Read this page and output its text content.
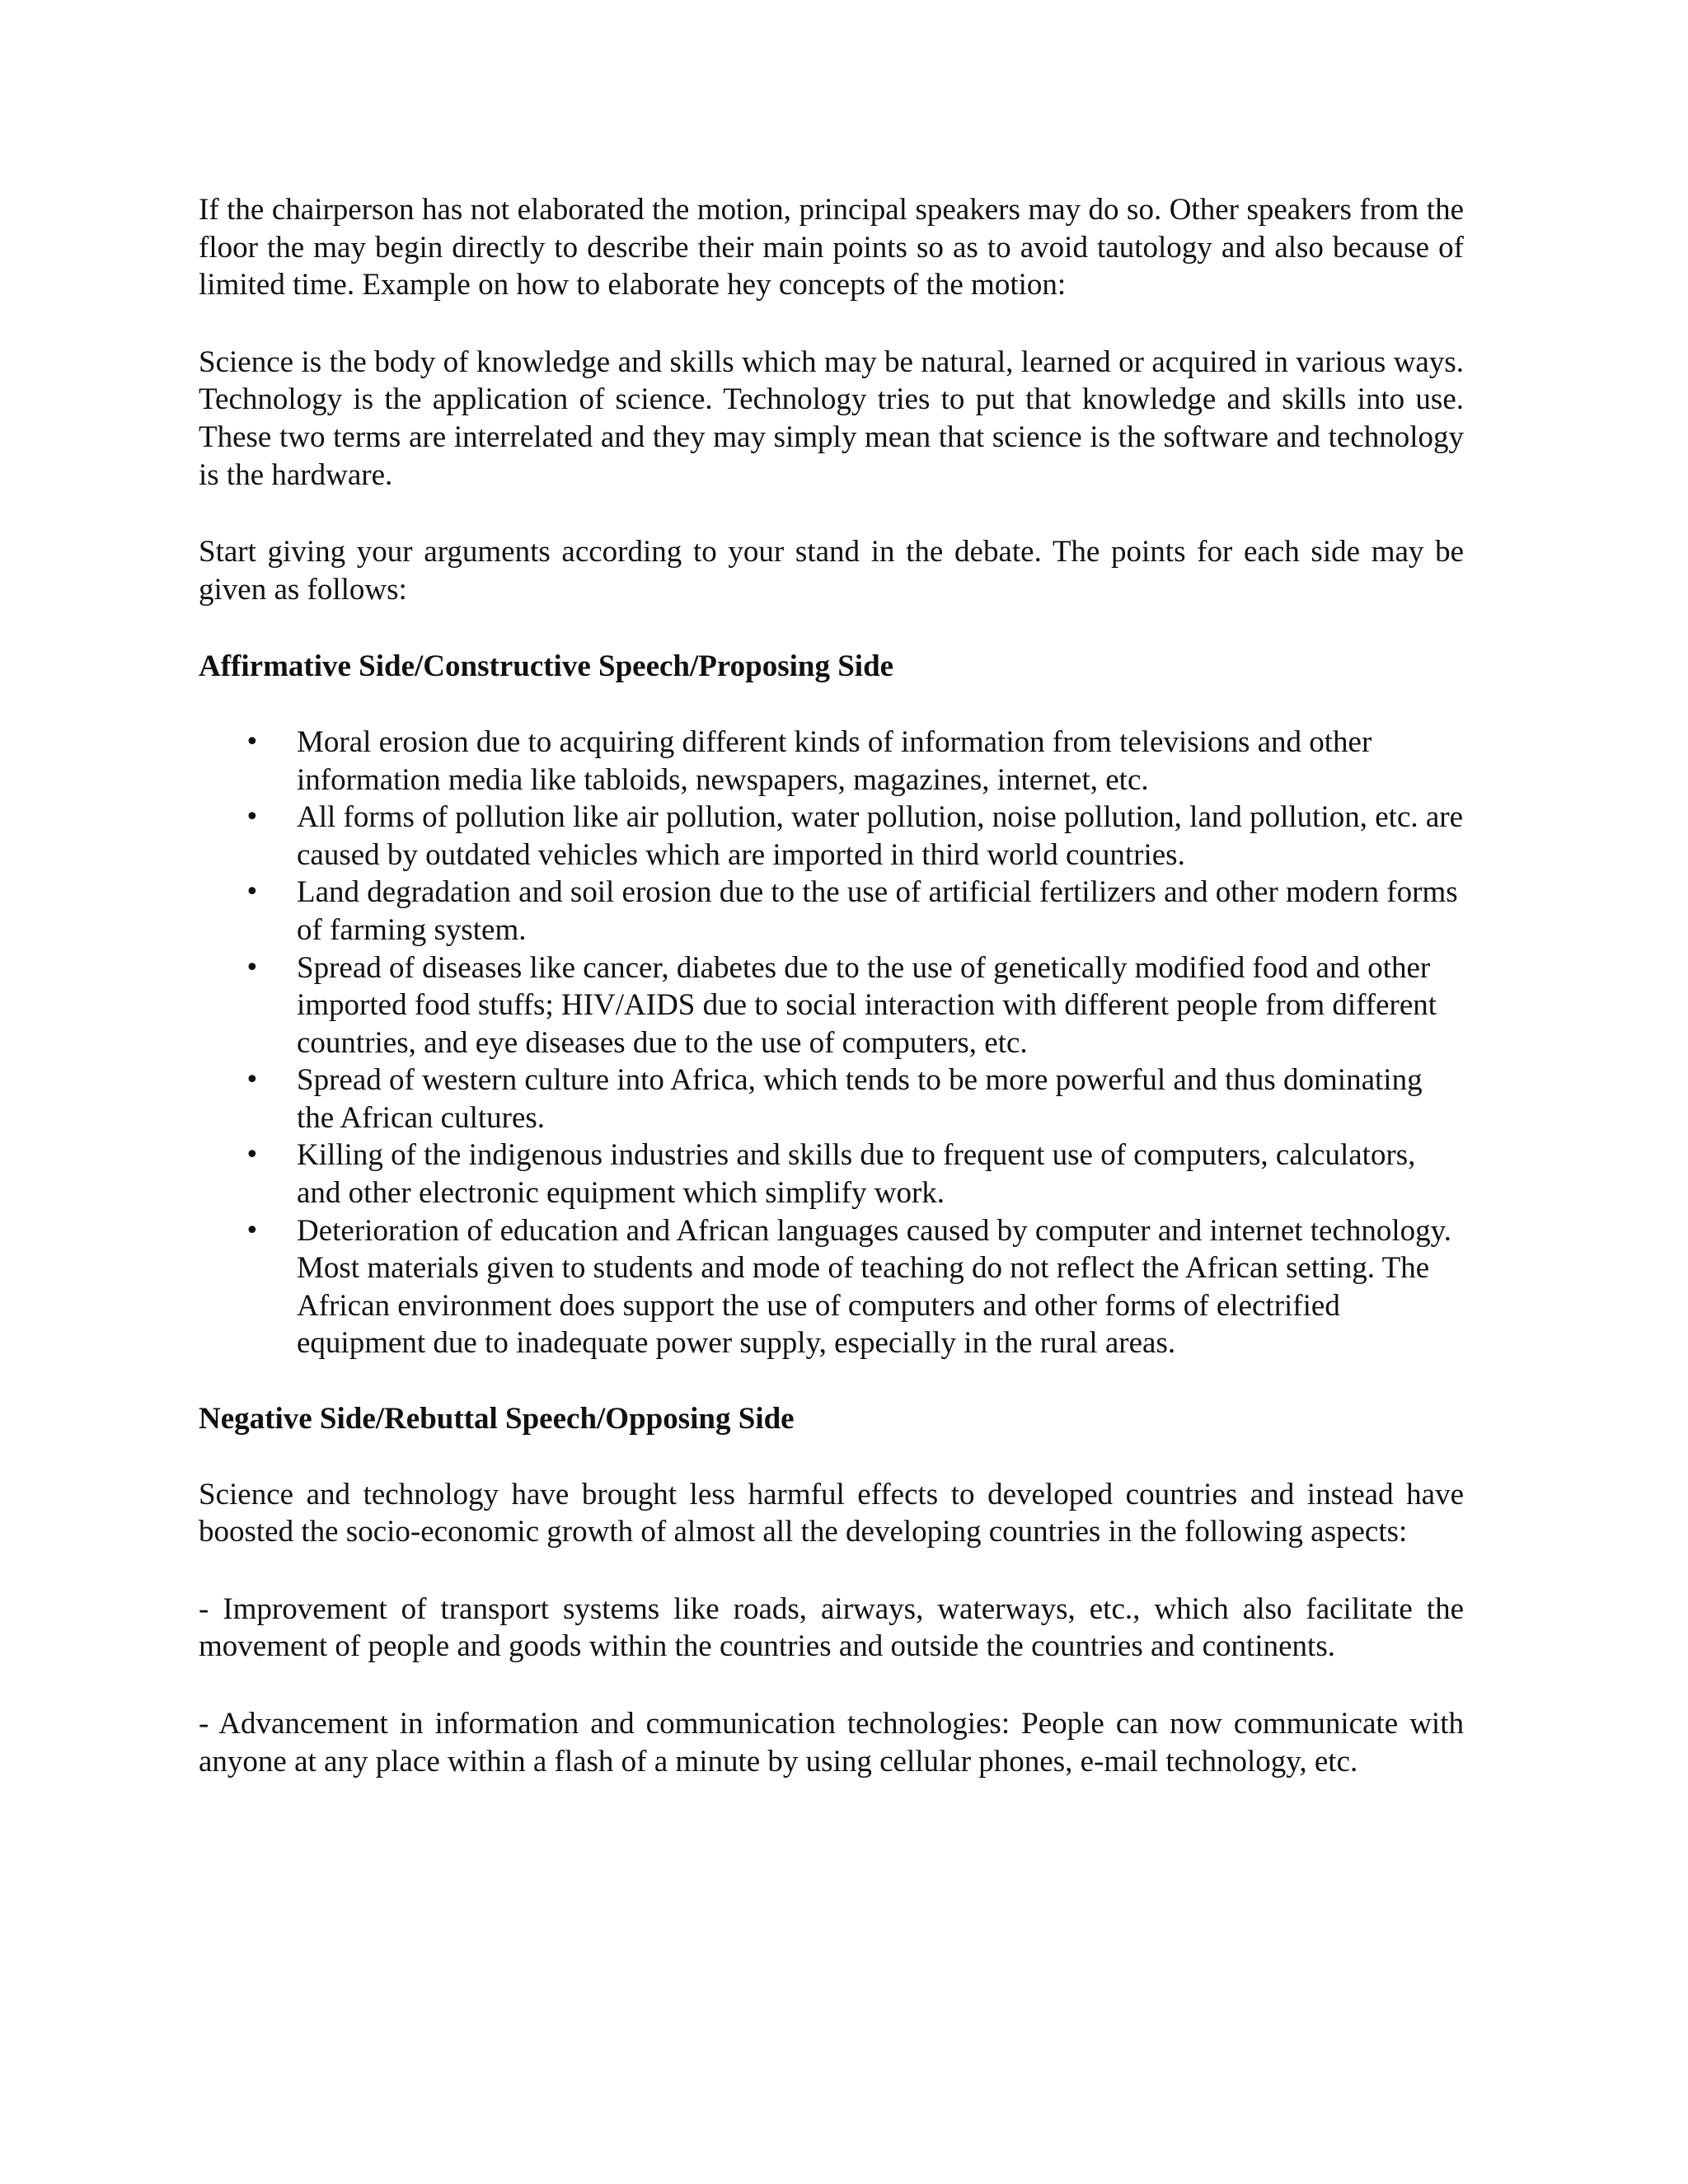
If the chairperson has not elaborated the motion, principal speakers may do so. Other speakers from the floor the may begin directly to describe their main points so as to avoid tautology and also because of limited time. Example on how to elaborate hey concepts of the motion:

Science is the body of knowledge and skills which may be natural, learned or acquired in various ways. Technology is the application of science. Technology tries to put that knowledge and skills into use. These two terms are interrelated and they may simply mean that science is the software and technology is the hardware.

Start giving your arguments according to your stand in the debate. The points for each side may be given as follows:

Affirmative Side/Constructive Speech/Proposing Side
• Moral erosion due to acquiring different kinds of information from televisions and other information media like tabloids, newspapers, magazines, internet, etc.
• All forms of pollution like air pollution, water pollution, noise pollution, land pollution, etc. are caused by outdated vehicles which are imported in third world countries.
• Land degradation and soil erosion due to the use of artificial fertilizers and other modern forms of farming system.
• Spread of diseases like cancer, diabetes due to the use of genetically modified food and other imported food stuffs; HIV/AIDS due to social interaction with different people from different countries, and eye diseases due to the use of computers, etc.
• Spread of western culture into Africa, which tends to be more powerful and thus dominating the African cultures.
• Killing of the indigenous industries and skills due to frequent use of computers, calculators, and other electronic equipment which simplify work.
• Deterioration of education and African languages caused by computer and internet technology. Most materials given to students and mode of teaching do not reflect the African setting. The African environment does support the use of computers and other forms of electrified equipment due to inadequate power supply, especially in the rural areas.
Negative Side/Rebuttal Speech/Opposing Side

Science and technology have brought less harmful effects to developed countries and instead have boosted the socio-economic growth of almost all the developing countries in the following aspects:

- Improvement of transport systems like roads, airways, waterways, etc., which also facilitate the movement of people and goods within the countries and outside the countries and continents.

- Advancement in information and communication technologies: People can now communicate with anyone at any place within a flash of a minute by using cellular phones, e-mail technology, etc.
